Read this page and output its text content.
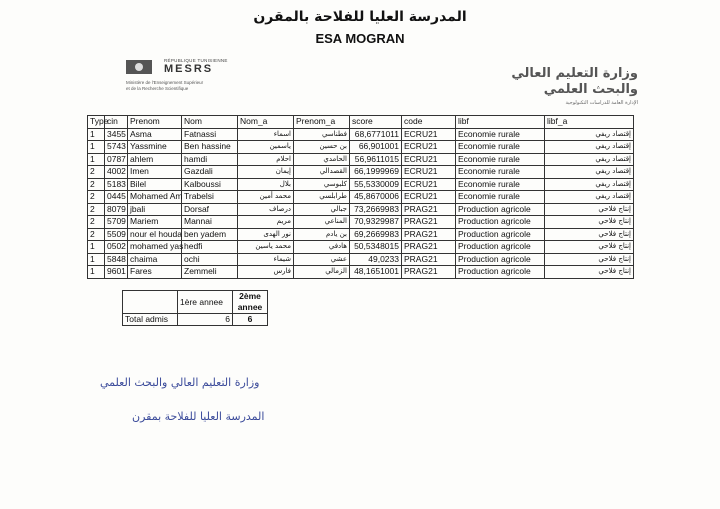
المدرسة العليا للفلاحة بالمقرن
ESA MOGRAN
RÉPUBLIQUE TUNISIENNE
MESRS
Ministère de l'Enseignement Supérieur
et de la Recherche Scientifique
وزارة التعليم العالي
والبحث العلمي
الإدارة العامة للدراسات التكنولوجية
Type	cin	Prenom	Nom	Nom_a	Prenom_a	score	code	libf	libf_a
1	3455	Asma	Fatnassi	اسماء	فطناسي	68,6771011	ECRU21	Economie rurale	إقتصاد ريفي
1	5743	Yassmine	Ben hassine	ياسمين	بن حسين	66,901001	ECRU21	Economie rurale	إقتصاد ريفي
1	0787	ahlem	hamdi	احلام	الحامدي	56,9611015	ECRU21	Economie rurale	إقتصاد ريفي
2	4002	Imen	Gazdali	إيمان	القصدالي	66,1999969	ECRU21	Economie rurale	إقتصاد ريفي
2	5183	Bilel	Kalboussi	بلال	كلبوسي	55,5330009	ECRU21	Economie rurale	إقتصاد ريفي
2	0445	Mohamed Am	Trabelsi	محمد أمين	طرابلسي	45,8670006	ECRU21	Economie rurale	إقتصاد ريفي
2	8079	jbali	Dorsaf	درصاف	جبالي	73,2669983	PRAG21	Production agricole	إنتاج فلاحي
2	5709	Mariem	Mannai	مريم	المناعي	70,9329987	PRAG21	Production agricole	إنتاج فلاحي
2	5509	nour el houda	ben yadem	نور الهدى	بن يادم	69,2669983	PRAG21	Production agricole	إنتاج فلاحي
1	0502	mohamed yas	hedfi	محمد ياسين	هادفي	50,5348015	PRAG21	Production agricole	إنتاج فلاحي
1	5848	chaima	ochi	شيماء	عشي	49,0233	PRAG21	Production agricole	إنتاج فلاحي
1	9601	Fares	Zemmeli	فارس	الزمالي	48,1651001	PRAG21	Production agricole	إنتاج فلاحي
	1ère annee	2ème annee
Total admis	6	6
وزارة التعليم العالي والبحث العلمي
المدرسة العليا للفلاحة بمقرن
